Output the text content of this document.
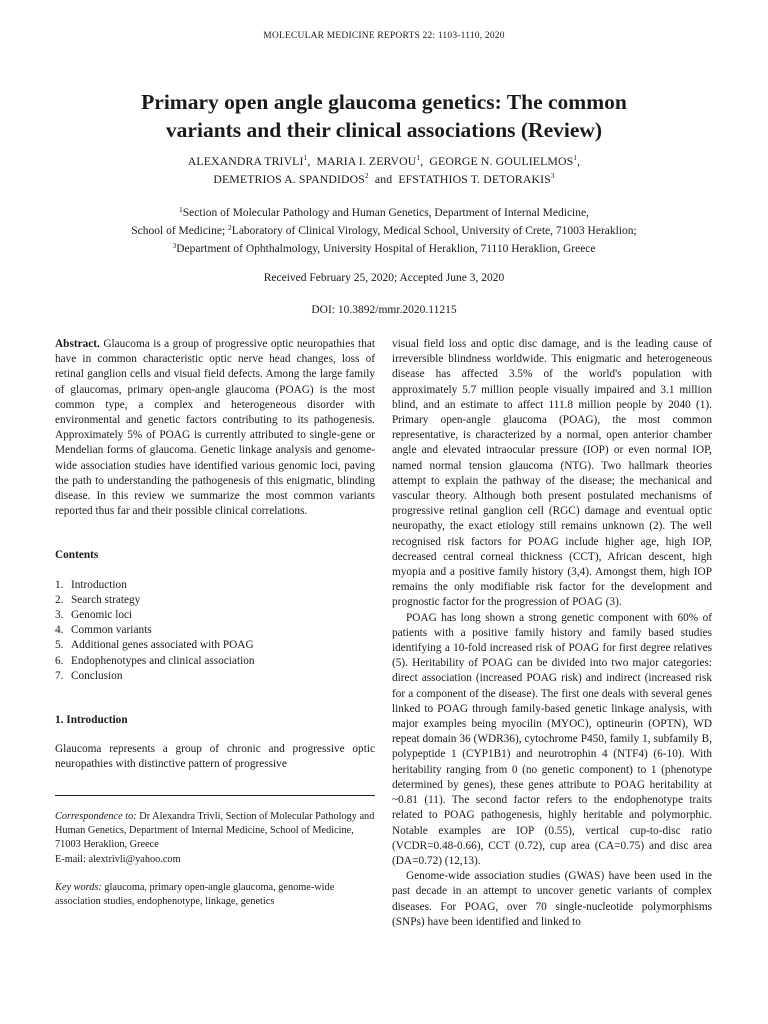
MOLECULAR MEDICINE REPORTS 22: 1103-1110, 2020
Primary open angle glaucoma genetics: The common
variants and their clinical associations (Review)
ALEXANDRA TRIVLI$^1$,  MARIA I. ZERVOU$^1$,  GEORGE N. GOULIELMOS$^1$,
DEMETRIOS A. SPANDIDOS$^2$ and EFSTATHIOS T. DETORAKIS$^3$
$^1$Section of Molecular Pathology and Human Genetics, Department of Internal Medicine,
School of Medicine; $^2$Laboratory of Clinical Virology, Medical School, University of Crete, 71003 Heraklion;
$^3$Department of Ophthalmology, University Hospital of Heraklion, 71110 Heraklion, Greece
Received February 25, 2020; Accepted June 3, 2020
DOI: 10.3892/mmr.2020.11215

Abstract. Glaucoma is a group of progressive optic neuropathies that have in common characteristic optic nerve head changes, loss of retinal ganglion cells and visual field defects. Among the large family of glaucomas, primary open-angle glaucoma (POAG) is the most common type, a complex and heterogeneous disorder with environmental and genetic factors contributing to its pathogenesis. Approximately 5% of POAG is currently attributed to single-gene or Mendelian forms of glaucoma. Genetic linkage analysis and genome-wide association studies have identified various genomic loci, paving the path to understanding the pathogenesis of this enigmatic, blinding disease. In this review we summarize the most common variants reported thus far and their possible clinical correlations.

Contents

1. Introduction
2. Search strategy
3. Genomic loci
4. Common variants
5. Additional genes associated with POAG
6. Endophenotypes and clinical association
7. Conclusion

1. Introduction

Glaucoma represents a group of chronic and progressive optic neuropathies with distinctive pattern of progressive

Correspondence to: Dr Alexandra Trivli, Section of Molecular Pathology and Human Genetics, Department of Internal Medicine, School of Medicine, 71003 Heraklion, Greece

E-mail: alextrivli@yahoo.com

Key words: glaucoma, primary open-angle glaucoma, genome-wide association studies, endophenotype, linkage, genetics

visual field loss and optic disc damage, and is the leading cause of irreversible blindness worldwide. This enigmatic and heterogeneous disease has affected 3.5% of the world's population with approximately 5.7 million people visually impaired and 3.1 million blind, and an estimate to affect 111.8 million people by 2040 (1). Primary open-angle glaucoma (POAG), the most common representative, is characterized by a normal, open anterior chamber angle and elevated intraocular pressure (IOP) or even normal IOP, named normal tension glaucoma (NTG). Two hallmark theories attempt to explain the pathway of the disease; the mechanical and vascular theory. Although both present postulated mechanisms of progressive retinal ganglion cell (RGC) damage and eventual optic neuropathy, the exact etiology still remains unknown (2). The well recognised risk factors for POAG include higher age, high IOP, decreased central corneal thickness (CCT), African descent, high myopia and a positive family history (3,4). Amongst them, high IOP remains the only modifiable risk factor for the development and prognostic factor for the progression of POAG (3).

POAG has long shown a strong genetic component with 60% of patients with a positive family history and family based studies identifying a 10-fold increased risk of POAG for first degree relatives (5). Heritability of POAG can be divided into two major categories: direct association (increased POAG risk) and indirect (increased risk for a component of the disease). The first one deals with several genes linked to POAG through family-based genetic linkage analysis, with major examples being myocilin (MYOC), optineurin (OPTN), WD repeat domain 36 (WDR36), cytochrome P450, family 1, subfamily B, polypeptide 1 (CYP1B1) and neurotrophin 4 (NTF4) (6-10). With heritability ranging from 0 (no genetic component) to 1 (phenotype determined by genes), these genes attribute to POAG heritability at ~0.81 (11). The second factor refers to the endophenotype traits related to POAG pathogenesis, highly heritable and polymorphic. Notable examples are IOP (0.55), vertical cup-to-disc ratio (VCDR=0.48-0.66), CCT (0.72), cup area (CA=0.75) and disc area (DA=0.72) (12,13).

Genome-wide association studies (GWAS) have been used in the past decade in an attempt to uncover genetic variants of complex diseases. For POAG, over 70 single-nucleotide polymorphisms (SNPs) have been identified and linked to
